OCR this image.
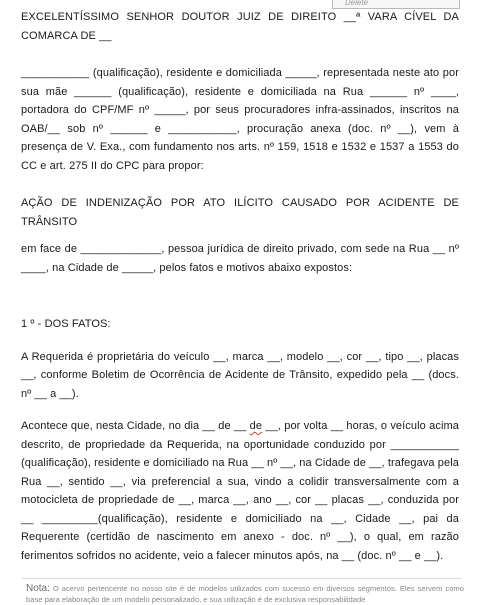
Delete

EXCELENTÍSSIMO SENHOR DOUTOR JUIZ DE DIREITO __ª VARA CÍVEL DA COMARCA DE __

___________ (qualificação), residente e domiciliada _____, representada neste ato por sua mãe ______ (qualificação), residente e domiciliada na Rua ______ nº ____, portadora do CPF/MF nº _____, por seus procuradores infra-assinados, inscritos na OAB/__ sob nº ______ e ___________, procuração anexa (doc. nº __), vem à presença de V. Exa., com fundamento nos arts. nº 159, 1518 e 1532 e 1537 a 1553 do CC e art. 275 II do CPC para propor:

AÇÃO DE INDENIZAÇÃO POR ATO ILÍCITO CAUSADO POR ACIDENTE DE TRÂNSITO

em face de _____________, pessoa jurídica de direito privado, com sede na Rua __ nº ____, na Cidade de _____, pelos fatos e motivos abaixo expostos:

1 º - DOS FATOS:

A Requerida é proprietária do veículo __, marca __, modelo __, cor __, tipo __, placas __, conforme Boletim de Ocorrência de Acidente de Trânsito, expedido pela __ (docs. nº __ a __).

Acontece que, nesta Cidade, no dia __ de __ de __, por volta __ horas, o veículo acima descrito, de propriedade da Requerida, na oportunidade conduzido por ___________ (qualificação), residente e domiciliado na Rua __ nº __, na Cidade de __, trafegava pela Rua __, sentido __, via preferencial a sua, vindo a colidir transversalmente com a motocicleta de propriedade de __, marca __, ano __, cor __ placas __, conduzida por __ _________(qualificação), residente e domiciliado na __, Cidade __, pai da Requerente (certidão de nascimento em anexo - doc. nº __), o qual, em razão ferimentos sofridos no acidente, veio a falecer minutos após, na __ (doc. nº __ e __).

Nota: O acervo pertencente no nosso site é de modelos utilizados com sucesso em diversos segmentos. Eles servem como base para elaboração de um modelo personalizado, e sua utilização é de exclusiva responsabilidade
